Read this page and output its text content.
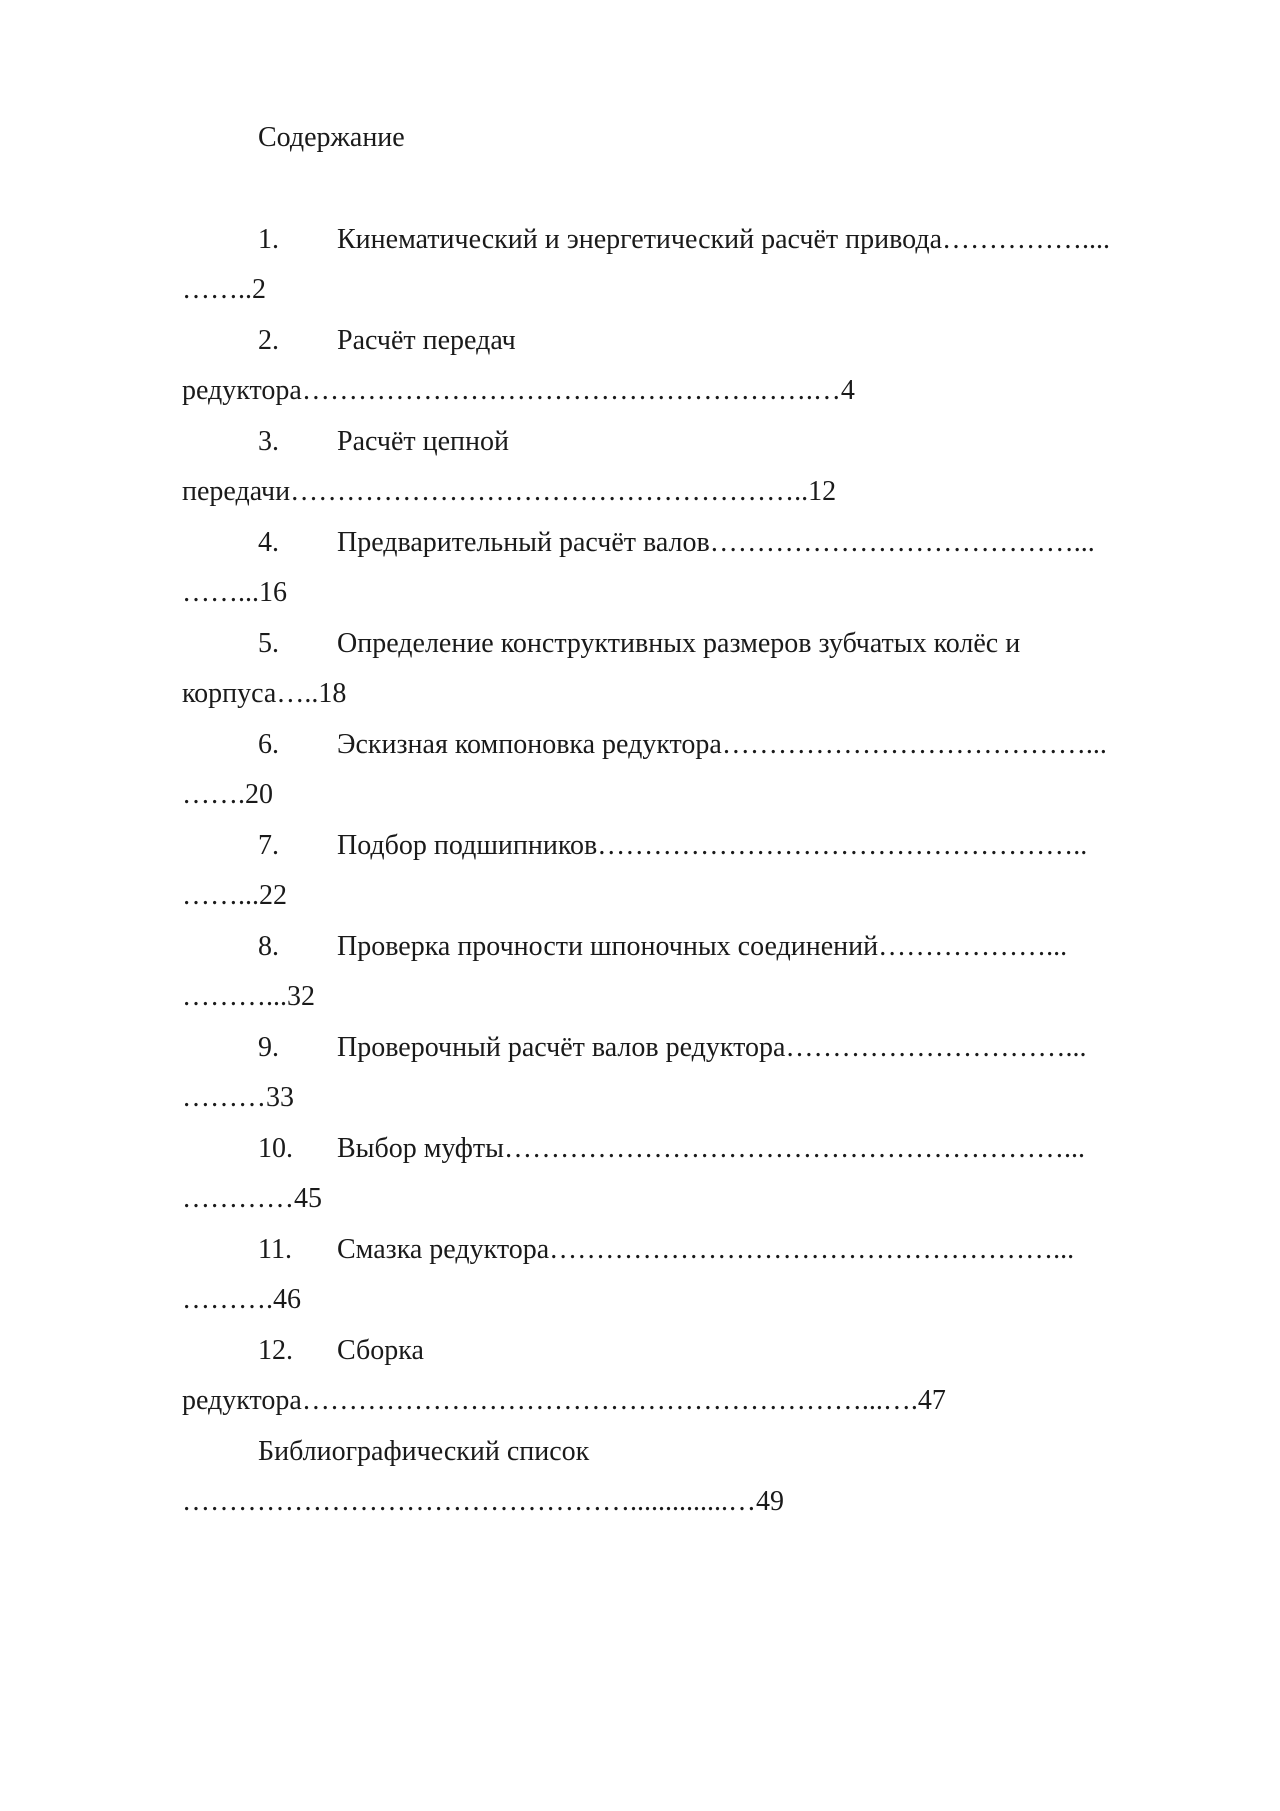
Содержание
1. Кинематический и энергетический расчёт привода……………....
……..2
2. Расчёт передач
редуктора……………………………………………….…4
3. Расчёт цепной
передачи………………………………………………..12
4. Предварительный расчёт валов…………………………………...
……...16
5. Определение конструктивных размеров зубчатых колёс и
корпуса…..18
6. Эскизная компоновка редуктора…………………………………...
…….20
7. Подбор подшипников……………………………………………..
……...22
8. Проверка прочности шпоночных соединений………………...
………...32
9. Проверочный расчёт валов редуктора…………………………...
………33
10. Выбор муфты……………………………………………………...
…………45
11. Смазка редуктора………………………………………………...
……….46
12. Сборка
редуктора……………………………………………………...….47
Библиографический список
…………………………………………..............…49
